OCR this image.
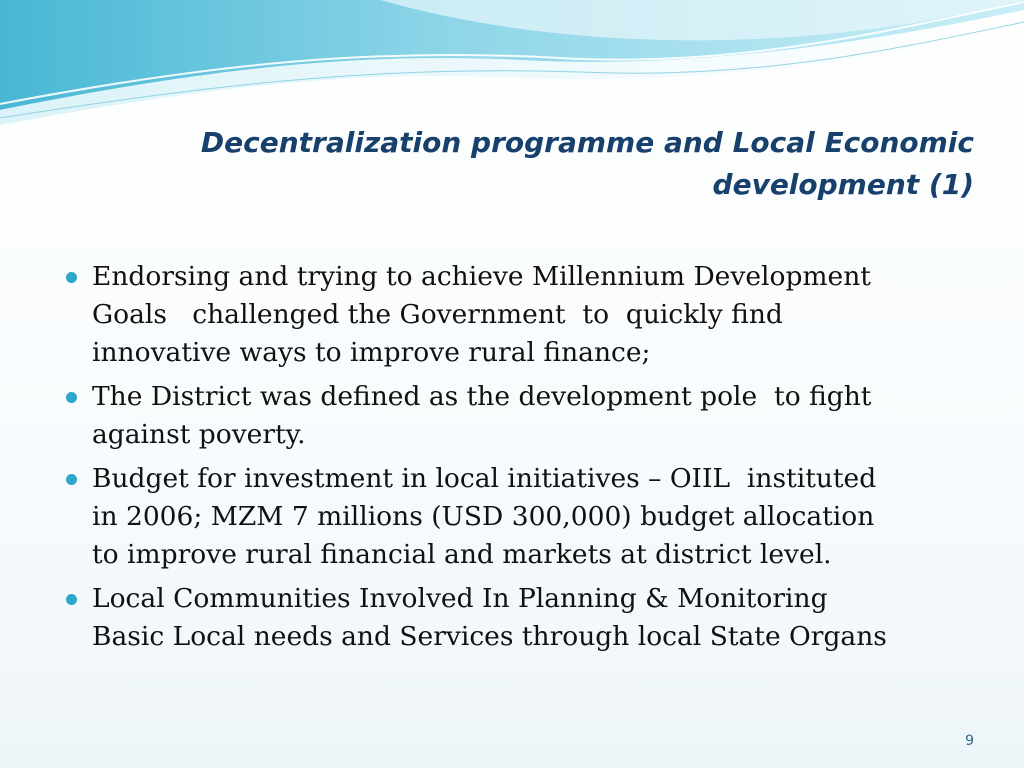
Decentralization programme and Local Economic
development (1)
Endorsing and trying to achieve Millennium Development
Goals   challenged the Government  to  quickly find
innovative ways to improve rural finance;
The District was defined as the development pole  to fight
against poverty.
Budget for investment in local initiatives – OIIL  instituted
in 2006; MZM 7 millions (USD 300,000) budget allocation
to improve rural financial and markets at district level.
Local Communities Involved In Planning & Monitoring
Basic Local needs and Services through local State Organs
9
